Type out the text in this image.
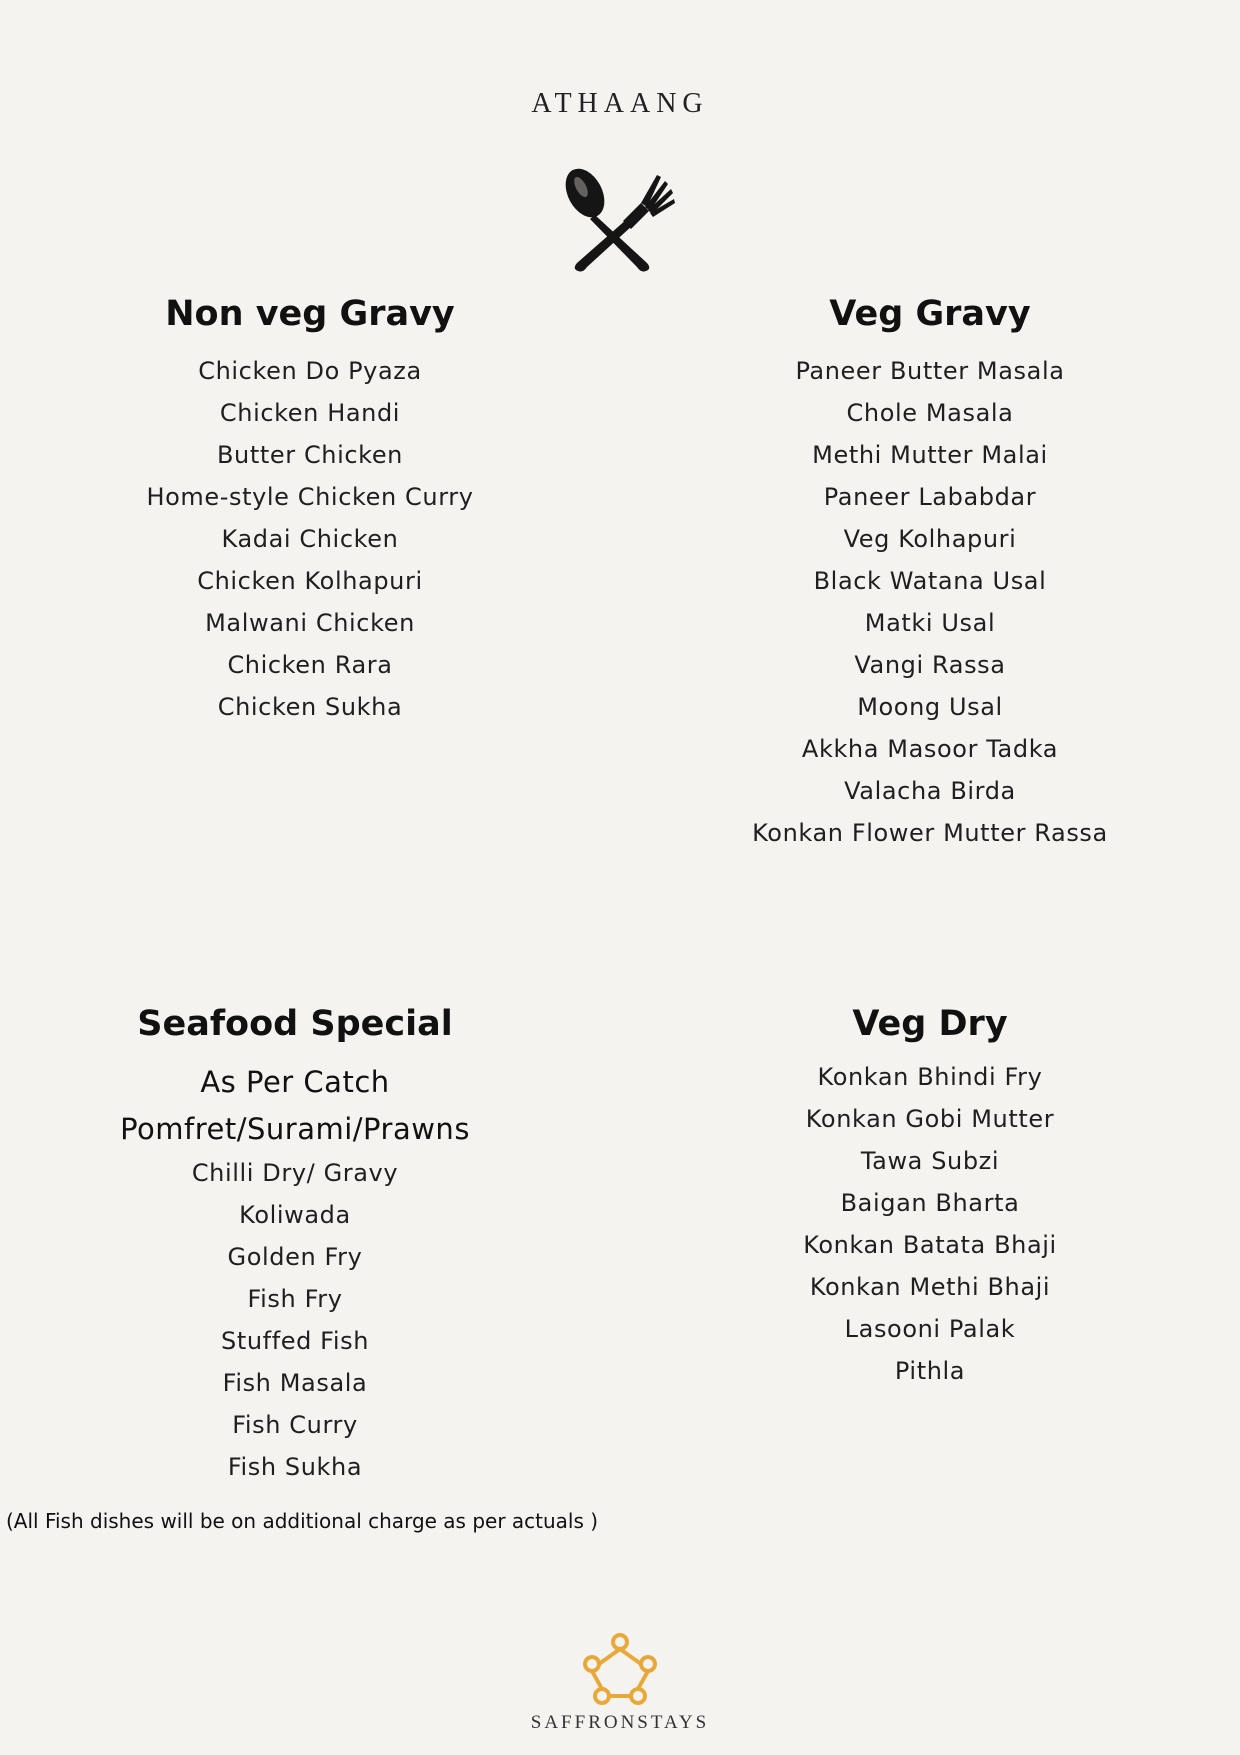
ATHAANG
Non veg Gravy
Chicken Do Pyaza
Chicken Handi
Butter Chicken
Home-style Chicken Curry
Kadai Chicken
Chicken Kolhapuri
Malwani Chicken
Chicken Rara
Chicken Sukha
Veg Gravy
Paneer Butter Masala
Chole Masala
Methi Mutter Malai
Paneer Lababdar
Veg Kolhapuri
Black Watana Usal
Matki Usal
Vangi Rassa
Moong Usal
Akkha Masoor Tadka
Valacha Birda
Konkan Flower Mutter Rassa
Seafood Special
As Per Catch
Pomfret/Surami/Prawns
Chilli Dry/ Gravy
Koliwada
Golden Fry
Fish Fry
Stuffed Fish
Fish Masala
Fish Curry
Fish Sukha
Veg Dry
Konkan Bhindi Fry
Konkan Gobi Mutter
Tawa Subzi
Baigan Bharta
Konkan Batata Bhaji
Konkan Methi Bhaji
Lasooni Palak
Pithla
(All Fish dishes will be on additional charge as per actuals )
SAFFRONSTAYS
